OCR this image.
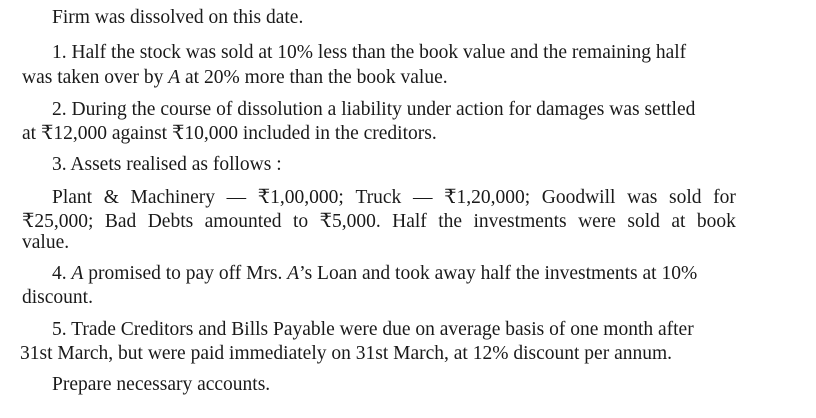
Firm was dissolved on this date.
1. Half the stock was sold at 10% less than the book value and the remaining half
was taken over by A at 20% more than the book value.
2. During the course of dissolution a liability under action for damages was settled
at ₹12,000 against ₹10,000 included in the creditors.
3. Assets realised as follows :
Plant & Machinery — ₹1,00,000; Truck — ₹1,20,000; Goodwill was sold for
₹25,000; Bad Debts amounted to ₹5,000. Half the investments were sold at book
value.
4. A promised to pay off Mrs. A’s Loan and took away half the investments at 10%
discount.
5. Trade Creditors and Bills Payable were due on average basis of one month after
31st March, but were paid immediately on 31st March, at 12% discount per annum.
Prepare necessary accounts.
